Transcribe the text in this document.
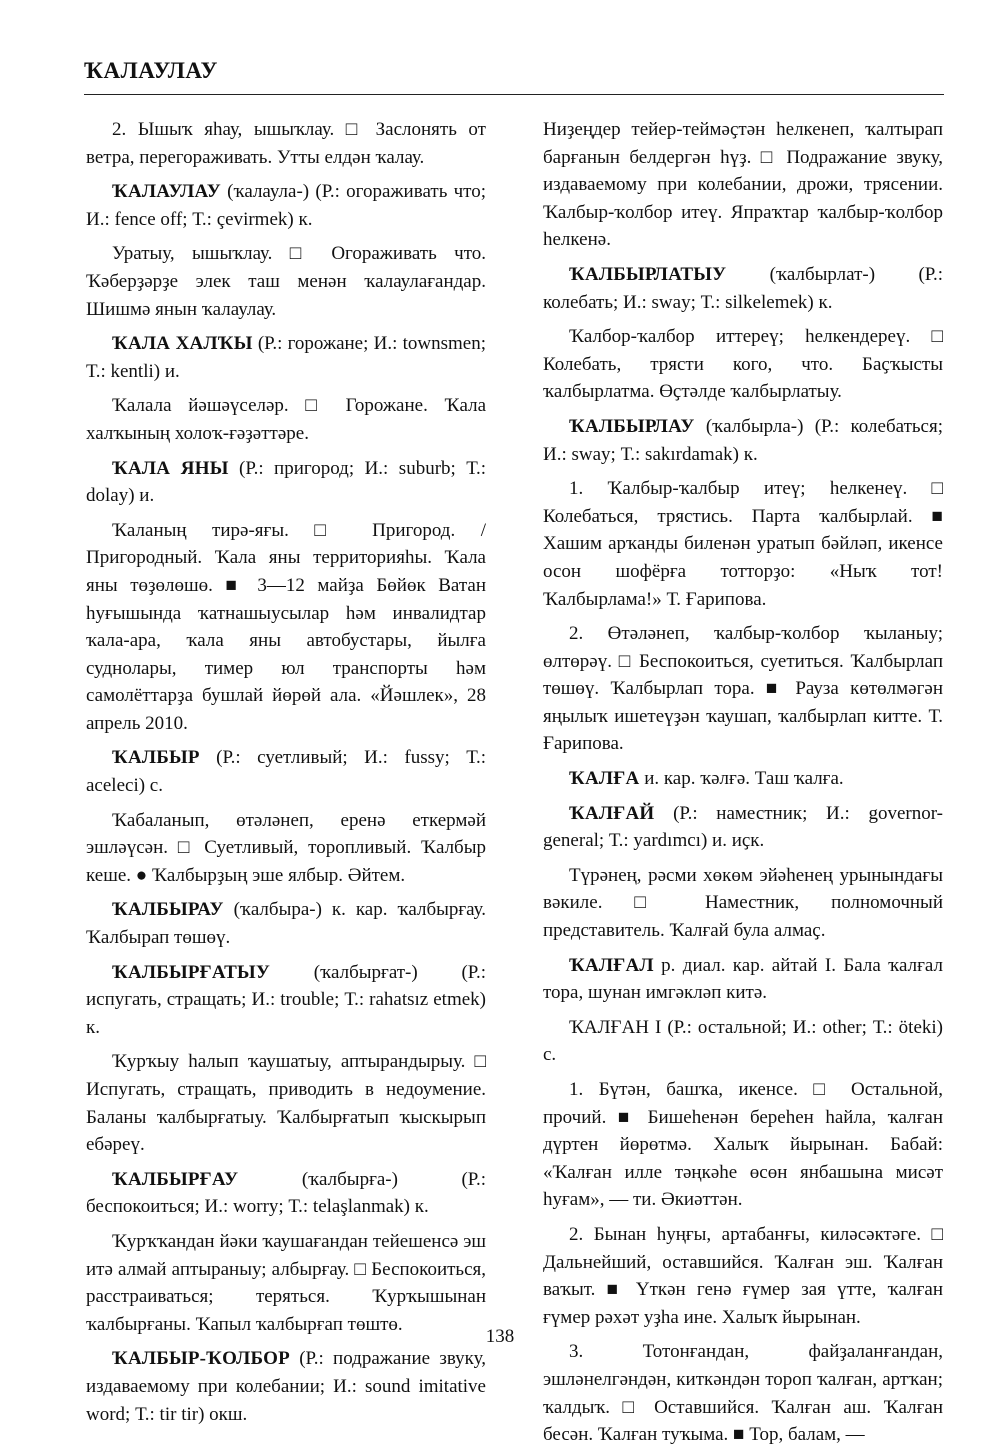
ҠАЛАУЛАУ

2. Ышыҡ яһау, ышыҡлау. □ Заслонять от ветра, перегораживать. Утты елдән ҡалау.

ҠАЛАУЛАУ (ҡалаула-) (Р.: огораживать что; И.: fence off; Т.: çevirmek) к.

Уратыу, ышыҡлау. □ Огораживать что. Ҡәберҙәрҙе элек таш менән ҡалаулағандар. Шишмә янын ҡалаулау.

ҠАЛА ХАЛҠЫ (Р.: горожане; И.: townsmen; Т.: kentli) и.

Ҡалала йәшәүселәр. □ Горожане. Ҡала халҡының холоҡ-ғәҙәттәре.

ҠАЛА ЯНЫ (Р.: пригород; И.: suburb; Т.: dolay) и.

Ҡаланың тирә-яғы. □ Пригород. / Пригородный. Ҡала яны территорияһы. Ҡала яны төҙөлөшө. ■ 3—12 майҙа Бөйөк Ватан һуғышында ҡатнашыусылар һәм инвалидтар ҡала-ара, ҡала яны автобустары, йылға суднолары, тимер юл транспорты һәм самолёттарҙа бушлай йөрөй ала. «Йәшлек», 28 апрель 2010.

ҠАЛБЫР (Р.: суетливый; И.: fussy; Т.: aceleci) с.

Ҡабаланып, өтәләнеп, еренә еткермәй эшләүсән. □ Суетливый, торопливый. Ҡалбыр кеше. ● Ҡалбырҙың эше ялбыр. Әйтем.

ҠАЛБЫРАУ (ҡалбыра-) к. кар. ҡалбырғау. Ҡалбырап төшөү.

ҠАЛБЫРҒАТЫУ (ҡалбырғат-) (Р.: испугать, стращать; И.: trouble; Т.: rahatsız etmek) к.

Ҡурҡыу һалып ҡаушатыу, аптырандырыу. □ Испугать, стращать, приводить в недоумение. Баланы ҡалбырғатыу. Ҡалбырғатып ҡыскырып ебәреү.

ҠАЛБЫРҒАУ (ҡалбырға-) (Р.: беспокоиться; И.: worry; Т.: telaşlanmak) к.

Ҡурҡҡандан йәки ҡаушағандан тейешенсә эш итә алмай аптыраныу; албырғау. □ Беспокоиться, расстраиваться; теряться. Ҡурҡышынан ҡалбырғаны. Ҡапыл ҡалбырғап төштө.

ҠАЛБЫР-ҠОЛБОР (Р.: подражание звуку, издаваемому при колебании; И.: sound imitative word; Т.: tir tir) окш.

Ниҙеңдер тейер-теймәҫтән һелкенеп, ҡалтырап барғанын белдергән һүҙ. □ Подражание звуку, издаваемому при колебании, дрожи, трясении. Ҡалбыр-ҡолбор итеү. Япраҡтар ҡалбыр-ҡолбор һелкенә.

ҠАЛБЫРЛАТЫУ (ҡалбырлат-) (Р.: колебать; И.: sway; Т.: silkelemek) к.

Ҡалбор-ҡалбор иттереү; һелкендереү. □ Колебать, трясти кого, что. Баҫҡысты ҡалбырлатма. Өҫтәлде ҡалбырлатыу.

ҠАЛБЫРЛАУ (ҡалбырла-) (Р.: колебаться; И.: sway; Т.: sakırdamak) к.

1. Ҡалбыр-ҡалбыр итеү; һелкенеү. □ Колебаться, трястись. Парта ҡалбырлай. ■ Хашим арҡанды биленән уратып бәйләп, икенсе осон шофёрға тотторҙо: «Ныҡ тот! Ҡалбырлама!» Т. Ғарипова.

2. Өтәләнеп, ҡалбыр-ҡолбор ҡыланыу; өлтөрәү. □ Беспокоиться, суетиться. Ҡалбырлап төшөү. Ҡалбырлап тора. ■ Рауза көтөлмәгән яңылыҡ ишетеүҙән ҡаушап, ҡалбырлап китте. Т. Ғарипова.

ҠАЛҒА и. кар. ҡәлғә. Таш ҡалға.

ҠАЛҒАЙ (Р.: наместник; И.: governor-general; Т.: yardımcı) и. иҫк.

Түрәнең, рәсми хөкөм эйәһенең урынындағы вәкиле. □ Наместник, полномочный представитель. Ҡалғай була алмаҫ.

ҠАЛҒАЛ р. диал. кар. айтай I. Бала ҡалғал тора, шунан имгәкләп китә.

ҠАЛҒАН I (Р.: остальной; И.: other; Т.: öteki) с.

1. Бүтән, башҡа, икенсе. □ Остальной, прочий. ■ Бишеһенән береһен һайла, ҡалған дүртен йөрөтмә. Халыҡ йырынан. Бабай: «Ҡалған илле тәңкәһе өсөн янбашына мисәт һуғам», — ти. Әкиәттән.

2. Бынан һуңғы, артабанғы, киләсәктәге. □ Дальнейший, оставшийся. Ҡалған эш. Ҡалған ваҡыт. ■ Үткән генә ғүмер зая үтте, ҡалған ғүмер рәхәт уҙһа ине. Халыҡ йырынан.

3. Тотонғандан, файҙаланғандан, эшләнелгәндән, киткәндән тороп ҡалған, артҡан; ҡалдыҡ. □ Оставшийся. Ҡалған аш. Ҡалған бесән. Ҡалған туҡыма. ■ Тор, балам, —

138
